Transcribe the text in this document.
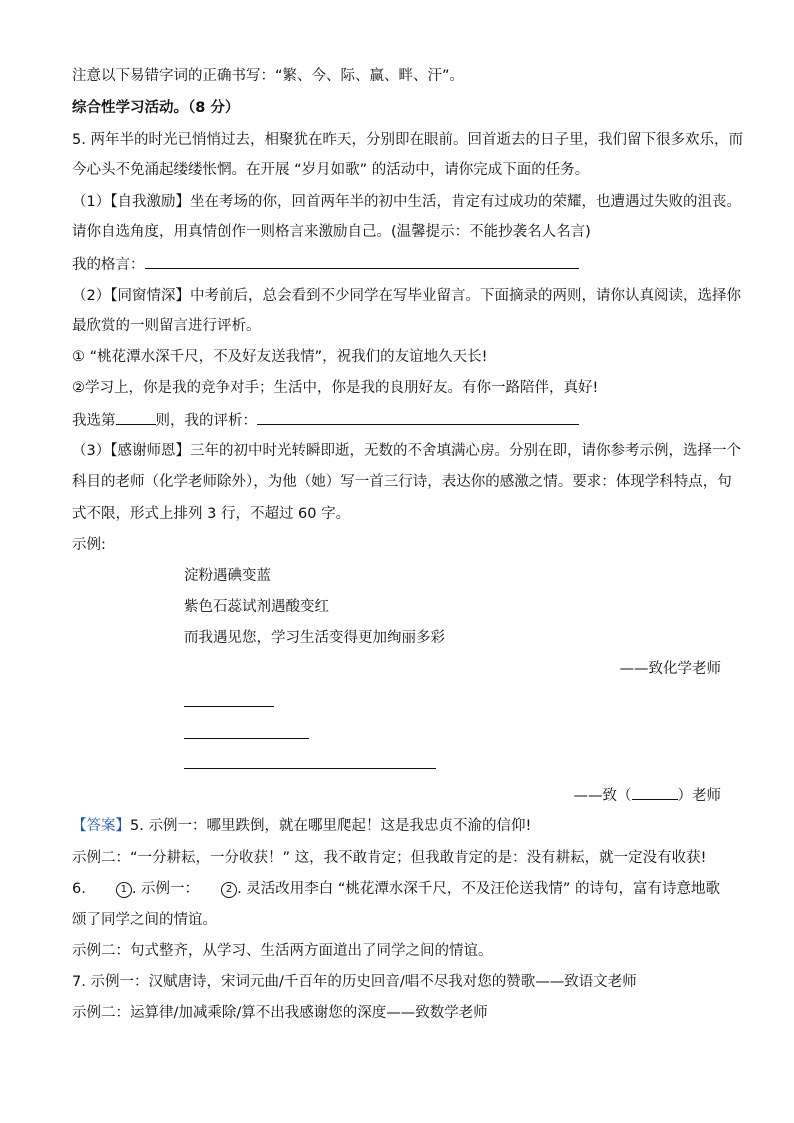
注意以下易错字词的正确书写：“繁、今、际、赢、畔、汗”。
综合性学习活动。（8 分）
5. 两年半的时光已悄悄过去，相聚犹在昨天，分别即在眼前。回首逝去的日子里，我们留下很多欢乐，而
今心头不免涌起缕缕怅惘。在开展 “岁月如歌” 的活动中，请你完成下面的任务。
（1）【自我激励】坐在考场的你，回首两年半的初中生活，肯定有过成功的荣耀，也遭遇过失败的沮丧。
请你自选角度，用真情创作一则格言来激励自己。(温馨提示：不能抄袭名人名言)
我的格言：
（2）【同窗情深】中考前后，总会看到不少同学在写毕业留言。下面摘录的两则，请你认真阅读，选择你
最欣赏的一则留言进行评析。
① “桃花潭水深千尺，不及好友送我情”，祝我们的友谊地久天长!
②学习上，你是我的竞争对手；生活中，你是我的良朋好友。有你一路陪伴，真好!
我选第	则，我的评析：
（3）【感谢师恩】三年的初中时光转瞬即逝，无数的不舍填满心房。分别在即，请你参考示例，选择一个
科目的老师（化学老师除外），为他（她）写一首三行诗，表达你的感激之情。要求：体现学科特点，句
式不限，形式上排列 3 行，不超过 60 字。
示例:
淀粉遇碘变蓝
紫色石蕊试剂遇酸变红
而我遇见您，学习生活变得更加绚丽多彩
——致化学老师
——致（	）老师
【答案】5. 示例一：哪里跌倒，就在哪里爬起！这是我忠贞不渝的信仰!
示例二：“一分耕耘，一分收获！” 这，我不敢肯定；但我敢肯定的是：没有耕耘，就一定没有收获!
6.	1 . 示例一：	2 . 灵活改用李白 “桃花潭水深千尺，不及汪伦送我情” 的诗句，富有诗意地歌
颂了同学之间的情谊。
示例二：句式整齐，从学习、生活两方面道出了同学之间的情谊。
7. 示例一：汉赋唐诗，宋词元曲/千百年的历史回音/唱不尽我对您的赞歌——致语文老师
示例二：运算律/加减乘除/算不出我感谢您的深度——致数学老师
